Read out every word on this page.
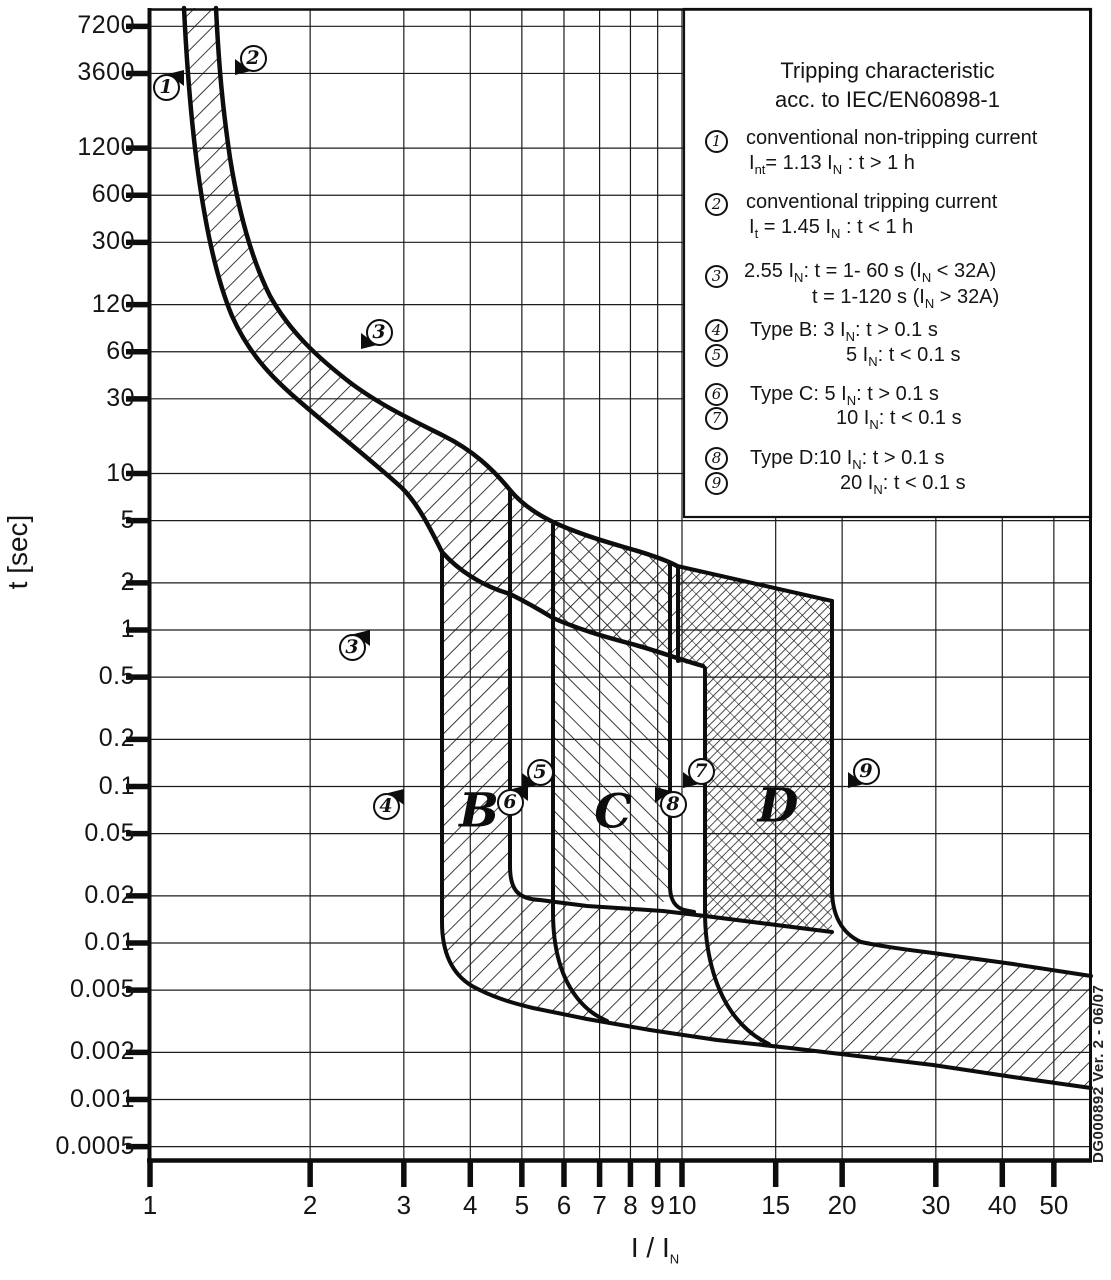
t [sec]
I / $I_N$
Tripping characteristic
acc. to IEC/EN60898-1
7200
3600
1200
600
300
120
60
30
10
5
2
1
0.5
0.2
0.1
0.05
0.02
0.01
0.005
0.002
0.001
0.0005
1	2	3	4	5	6 7 8 9 10	15	20	30	40 50
1	conventional non-tripping current
$I_{nt}= 1.13$ $I_N$ : t > 1 h
2	conventional tripping current
$I_t = 1.45$ $I_N$ : t < 1 h
3	2.55 $I_N$: t = 1- 60 s $(I_N < 32A)$
t = 1-120 s $(I_N > 32A)$
4	Type B: 3 $I_N$: t > 0.1 s
5	5 $I_N$: t < 0.1 s
6	Type C: 5 $I_N$: t > 0.1 s
7	10 $I_N$: t < 0.1 s
8	Type D:10 $I_N$: t > 0.1 s
9	20 $I_N$: t < 0.1 s
1
2
3
3
4
5
6
7
8
9
B C	D
DG000892 Ver. 2 - 06/07
